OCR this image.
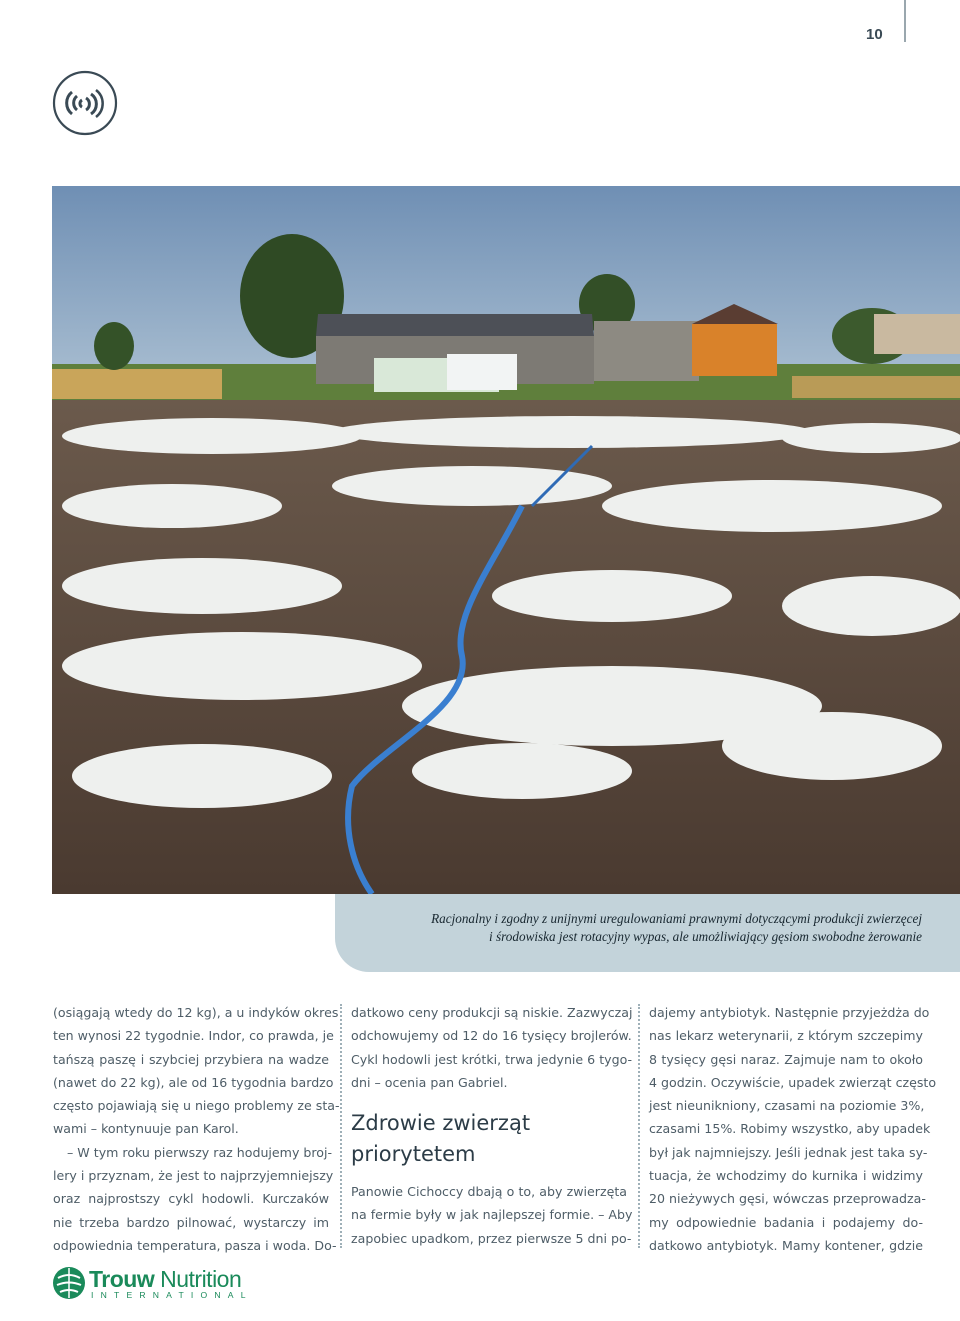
10
Racjonalny i zgodny z unijnymi uregulowaniami prawnymi dotyczącymi produkcji zwierzęcej
i środowiska jest rotacyjny wypas, ale umożliwiający gęsiom swobodne żerowanie
(osiągają wtedy do 12 kg), a u indyków okres
ten wynosi 22 tygodnie. Indor, co prawda, je
tańszą paszę i szybciej przybiera na wadze
(nawet do 22 kg), ale od 16 tygodnia bardzo
często pojawiają się u niego problemy ze sta-
wami – kontynuuje pan Karol.
– W tym roku pierwszy raz hodujemy broj-
lery i przyznam, że jest to najprzyjemniejszy
oraz najprostszy cykl hodowli. Kurczaków
nie trzeba bardzo pilnować, wystarczy im
odpowiednia temperatura, pasza i woda. Do-
datkowo ceny produkcji są niskie. Zazwyczaj
odchowujemy od 12 do 16 tysięcy brojlerów.
Cykl hodowli jest krótki, trwa jedynie 6 tygo-
dni – ocenia pan Gabriel.
Zdrowie zwierząt
priorytetem
Panowie Cichoccy dbają o to, aby zwierzęta
na fermie były w jak najlepszej formie. – Aby
zapobiec upadkom, przez pierwsze 5 dni po-
dajemy antybiotyk. Następnie przyjeżdża do
nas lekarz weterynarii, z którym szczepimy
8 tysięcy gęsi naraz. Zajmuje nam to około
4 godzin. Oczywiście, upadek zwierząt często
jest nieunikniony, czasami na poziomie 3%,
czasami 15%. Robimy wszystko, aby upadek
był jak najmniejszy. Jeśli jednak jest taka sy-
tuacja, że wchodzimy do kurnika i widzimy
20 nieżywych gęsi, wówczas przeprowadza-
my odpowiednie badania i podajemy do-
datkowo antybiotyk. Mamy kontener, gdzie
Trouw Nutrition
INTERNATIONAL
